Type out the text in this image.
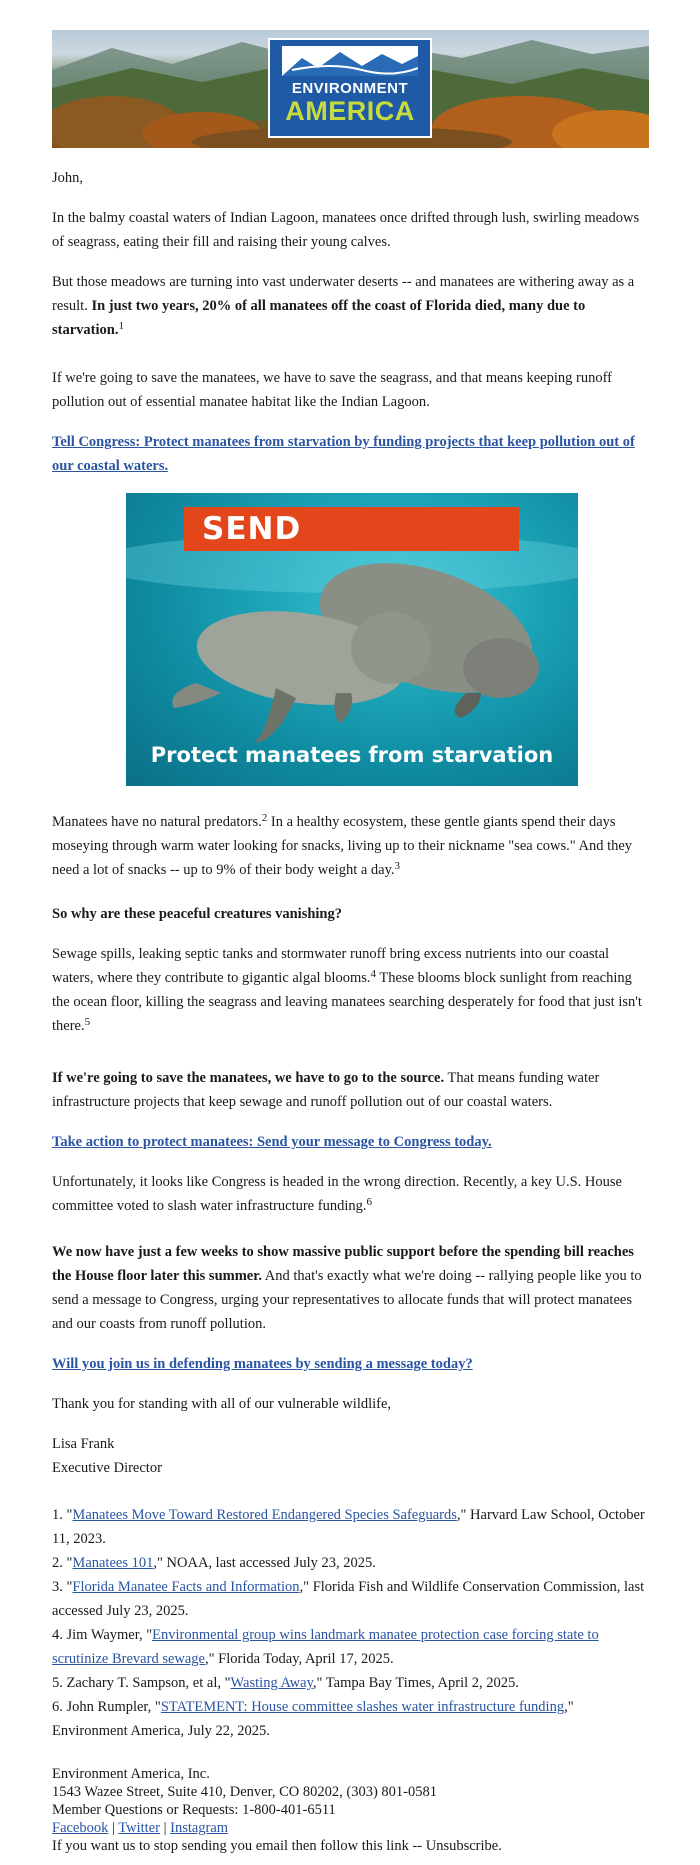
ENVIRONMENT
AMERICA

John,

In the balmy coastal waters of Indian Lagoon, manatees once drifted through lush, swirling meadows of seagrass, eating their fill and raising their young calves.

But those meadows are turning into vast underwater deserts -- and manatees are withering away as a result. In just two years, 20% of all manatees off the coast of Florida died, many due to starvation.$^1$

If we're going to save the manatees, we have to save the seagrass, and that means keeping runoff pollution out of essential manatee habitat like the Indian Lagoon.

Tell Congress: Protect manatees from starvation by funding projects that keep pollution out of our coastal waters.

SEND
Protect manatees from starvation

Manatees have no natural predators.$^2$ In a healthy ecosystem, these gentle giants spend their days moseying through warm water looking for snacks, living up to their nickname "sea cows." And they need a lot of snacks -- up to 9% of their body weight a day.$^3$

So why are these peaceful creatures vanishing?

Sewage spills, leaking septic tanks and stormwater runoff bring excess nutrients into our coastal waters, where they contribute to gigantic algal blooms.$^4$ These blooms block sunlight from reaching the ocean floor, killing the seagrass and leaving manatees searching desperately for food that just isn't there.$^5$

If we're going to save the manatees, we have to go to the source. That means funding water infrastructure projects that keep sewage and runoff pollution out of our coastal waters.

Take action to protect manatees: Send your message to Congress today.

Unfortunately, it looks like Congress is headed in the wrong direction. Recently, a key U.S. House committee voted to slash water infrastructure funding.$^6$

We now have just a few weeks to show massive public support before the spending bill reaches the House floor later this summer. And that's exactly what we're doing -- rallying people like you to send a message to Congress, urging your representatives to allocate funds that will protect manatees and our coasts from runoff pollution.

Will you join us in defending manatees by sending a message today?

Thank you for standing with all of our vulnerable wildlife,

Lisa Frank

Executive Director

1. "Manatees Move Toward Restored Endangered Species Safeguards," Harvard Law School, October 11, 2023.

2. "Manatees 101," NOAA, last accessed July 23, 2025.

3. "Florida Manatee Facts and Information," Florida Fish and Wildlife Conservation Commission, last accessed July 23, 2025.

4. Jim Waymer, "Environmental group wins landmark manatee protection case forcing state to scrutinize Brevard sewage," Florida Today, April 17, 2025.

5. Zachary T. Sampson, et al, "Wasting Away," Tampa Bay Times, April 2, 2025.

6. John Rumpler, "STATEMENT: House committee slashes water infrastructure funding," Environment America, July 22, 2025.

Environment America, Inc.

1543 Wazee Street, Suite 410, Denver, CO 80202, (303) 801-0581

Member Questions or Requests: 1-800-401-6511

Facebook | Twitter | Instagram

If you want us to stop sending you email then follow this link -- Unsubscribe.
